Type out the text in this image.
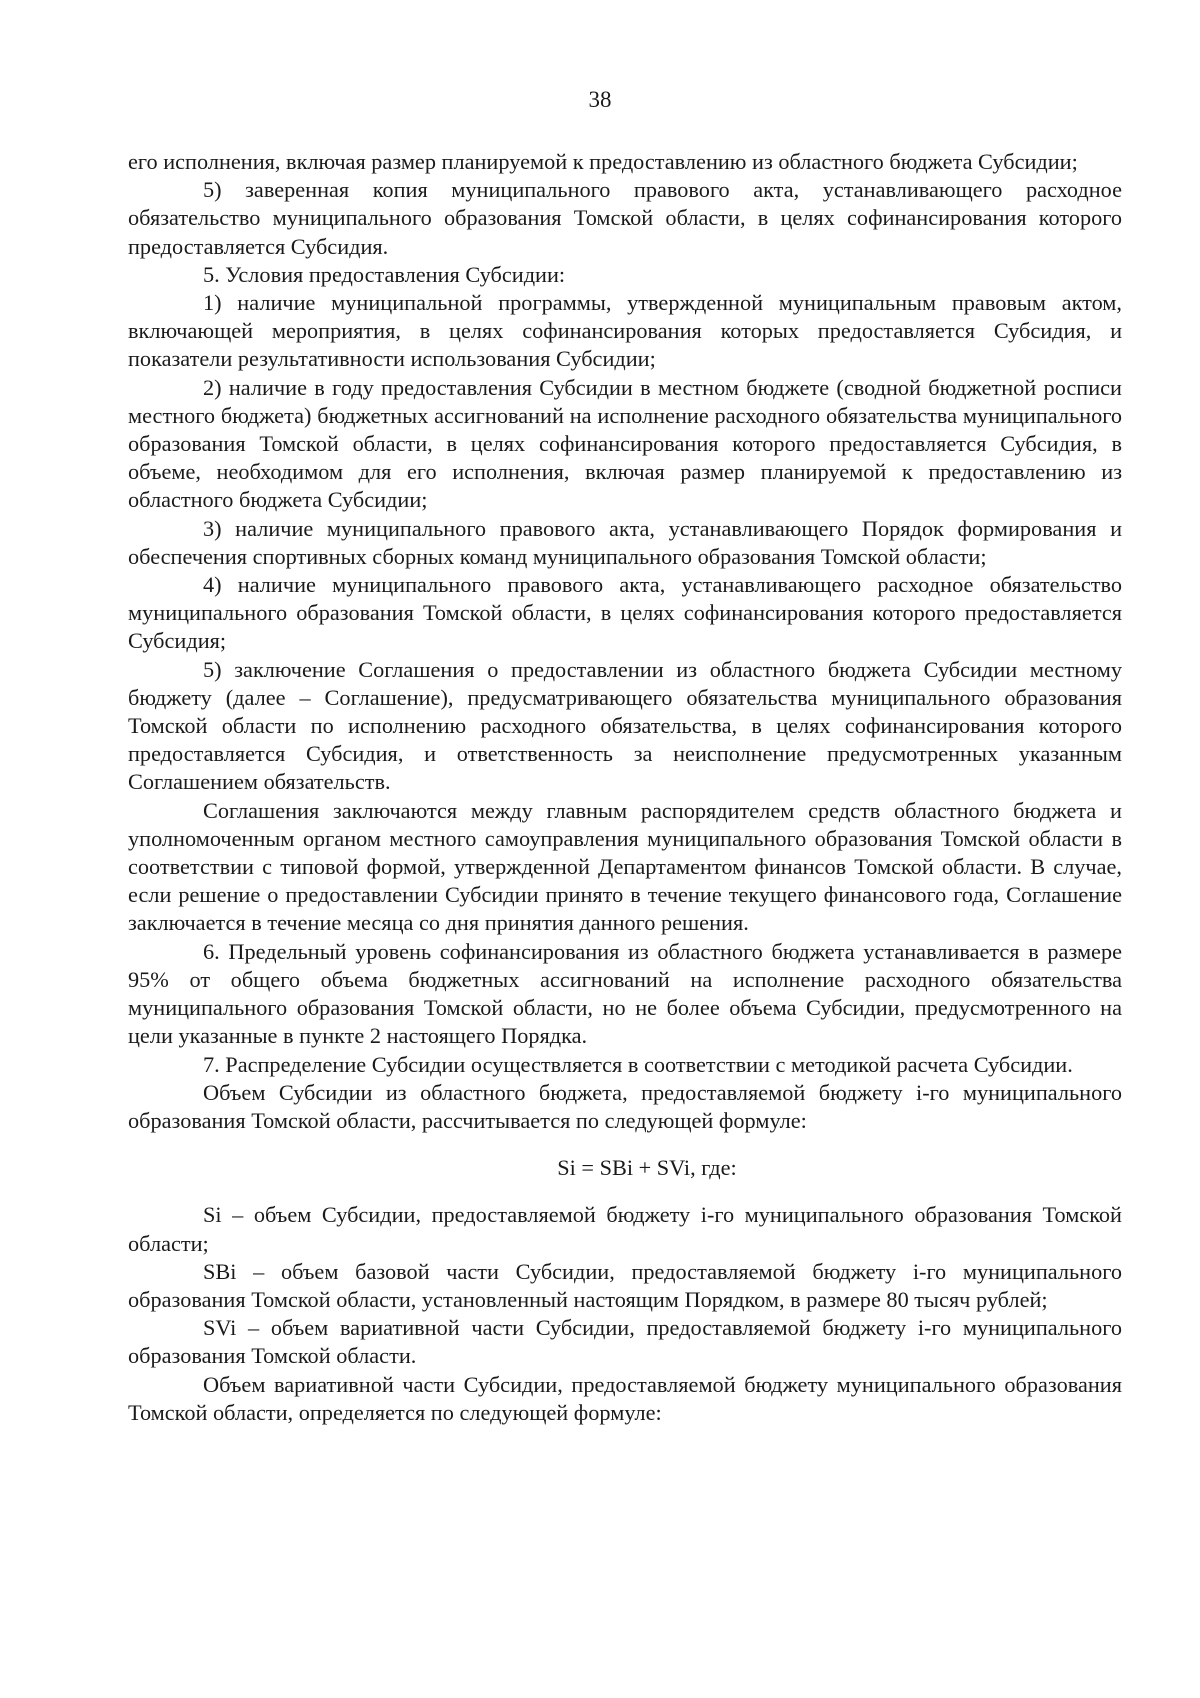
38

его исполнения, включая размер планируемой к предоставлению из областного бюджета Субсидии;

5) заверенная копия муниципального правового акта, устанавливающего расходное обязательство муниципального образования Томской области, в целях софинансирования которого предоставляется Субсидия.

5. Условия предоставления Субсидии:

1) наличие муниципальной программы, утвержденной муниципальным правовым актом, включающей мероприятия, в целях софинансирования которых предоставляется Субсидия, и показатели результативности использования Субсидии;

2) наличие в году предоставления Субсидии в местном бюджете (сводной бюджетной росписи местного бюджета) бюджетных ассигнований на исполнение расходного обязательства муниципального образования Томской области, в целях софинансирования которого предоставляется Субсидия, в объеме, необходимом для его исполнения, включая размер планируемой к предоставлению из областного бюджета Субсидии;

3) наличие муниципального правового акта, устанавливающего Порядок формирования и обеспечения спортивных сборных команд муниципального образования Томской области;

4) наличие муниципального правового акта, устанавливающего расходное обязательство муниципального образования Томской области, в целях софинансирования которого предоставляется Субсидия;

5) заключение Соглашения о предоставлении из областного бюджета Субсидии местному бюджету (далее – Соглашение), предусматривающего обязательства муниципального образования Томской области по исполнению расходного обязательства, в целях софинансирования которого предоставляется Субсидия, и ответственность за неисполнение предусмотренных указанным Соглашением обязательств.

Соглашения заключаются между главным распорядителем средств областного бюджета и уполномоченным органом местного самоуправления муниципального образования Томской области в соответствии с типовой формой, утвержденной Департаментом финансов Томской области. В случае, если решение о предоставлении Субсидии принято в течение текущего финансового года, Соглашение заключается в течение месяца со дня принятия данного решения.

6. Предельный уровень софинансирования из областного бюджета устанавливается в размере 95% от общего объема бюджетных ассигнований на исполнение расходного обязательства муниципального образования Томской области, но не более объема Субсидии, предусмотренного на цели указанные в пункте 2 настоящего Порядка.

7. Распределение Субсидии осуществляется в соответствии с методикой расчета Субсидии.

Объем Субсидии из областного бюджета, предоставляемой бюджету i-го муниципального образования Томской области, рассчитывается по следующей формуле:

Si = SBi + SVi, где:

Si – объем Субсидии, предоставляемой бюджету i-го муниципального образования Томской области;

SBi – объем базовой части Субсидии, предоставляемой бюджету i-го муниципального образования Томской области, установленный настоящим Порядком, в размере 80 тысяч рублей;

SVi – объем вариативной части Субсидии, предоставляемой бюджету i-го муниципального образования Томской области.

Объем вариативной части Субсидии, предоставляемой бюджету муниципального образования Томской области, определяется по следующей формуле:
